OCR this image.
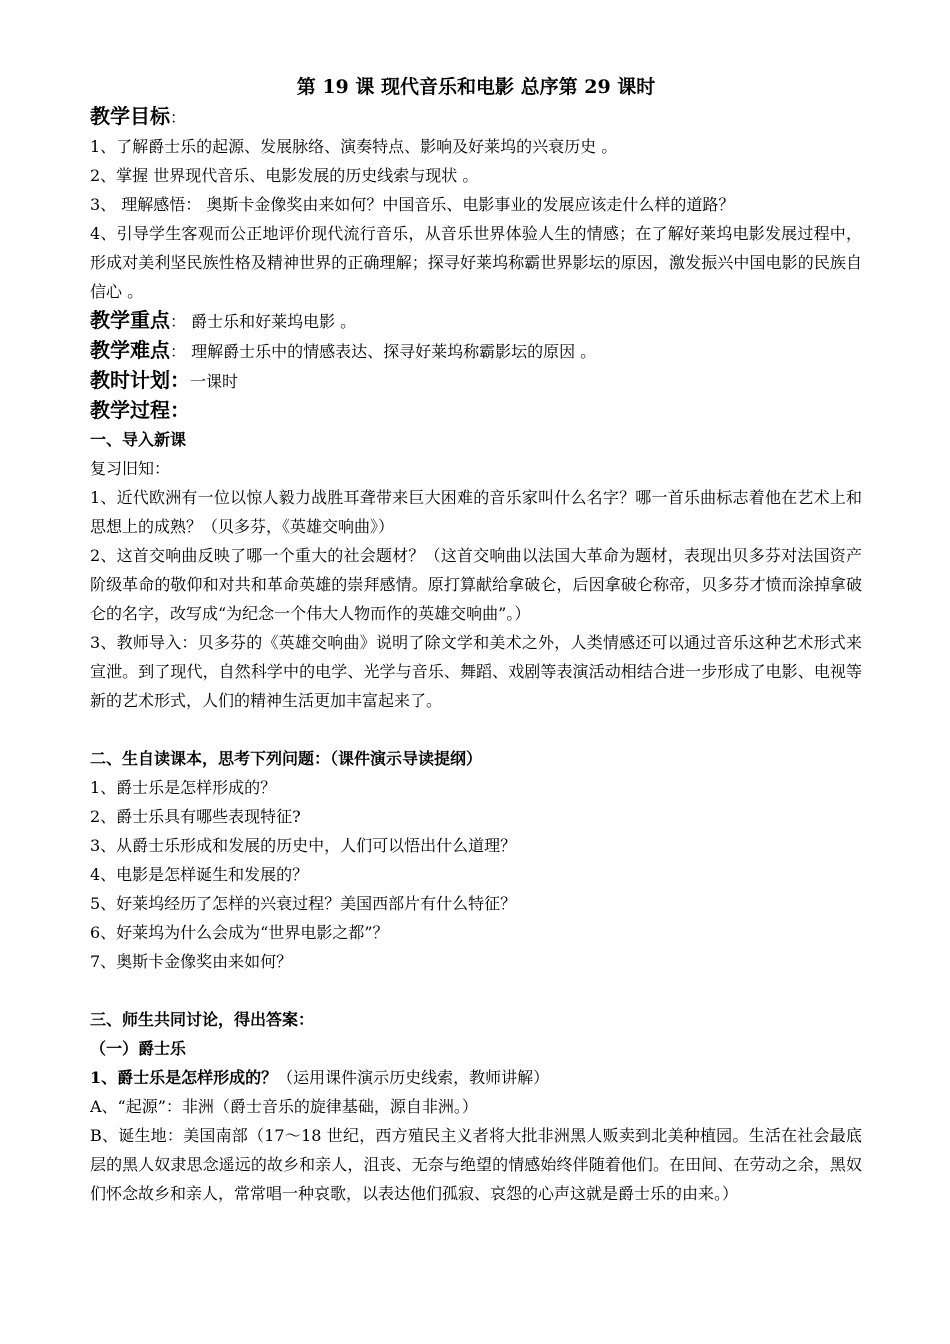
第 19 课 现代音乐和电影 总序第 29 课时
教学目标：
1、了解爵士乐的起源、发展脉络、演奏特点、影响及好莱坞的兴衰历史 。
2、掌握 世界现代音乐、电影发展的历史线索与现状 。
3、 理解感悟： 奥斯卡金像奖由来如何？中国音乐、电影事业的发展应该走什么样的道路？
4、引导学生客观而公正地评价现代流行音乐，从音乐世界体验人生的情感；在了解好莱坞电影发展过程中，形成对美利坚民族性格及精神世界的正确理解；探寻好莱坞称霸世界影坛的原因，激发振兴中国电影的民族自信心 。
教学重点： 爵士乐和好莱坞电影 。
教学难点： 理解爵士乐中的情感表达、探寻好莱坞称霸影坛的原因 。
教时计划：一课时
教学过程：
一、导入新课
复习旧知：
1、近代欧洲有一位以惊人毅力战胜耳聋带来巨大困难的音乐家叫什么名字？哪一首乐曲标志着他在艺术上和思想上的成熟？（贝多芬，《英雄交响曲》）
2、这首交响曲反映了哪一个重大的社会题材？（这首交响曲以法国大革命为题材，表现出贝多芬对法国资产阶级革命的敬仰和对共和革命英雄的崇拜感情。原打算献给拿破仑，后因拿破仑称帝，贝多芬才愤而涂掉拿破仑的名字，改写成“为纪念一个伟大人物而作的英雄交响曲”。）
3、教师导入：贝多芬的《英雄交响曲》说明了除文学和美术之外，人类情感还可以通过音乐这种艺术形式来宣泄。到了现代，自然科学中的电学、光学与音乐、舞蹈、戏剧等表演活动相结合进一步形成了电影、电视等新的艺术形式，人们的精神生活更加丰富起来了。
二、生自读课本，思考下列问题：（课件演示导读提纲）
1、爵士乐是怎样形成的？
2、爵士乐具有哪些表现特征?
3、从爵士乐形成和发展的历史中，人们可以悟出什么道理？
4、电影是怎样诞生和发展的？
5、好莱坞经历了怎样的兴衰过程？美国西部片有什么特征？
6、好莱坞为什么会成为“世界电影之都”？
7、奥斯卡金像奖由来如何？
三、师生共同讨论，得出答案：
（一）爵士乐
1、爵士乐是怎样形成的？（运用课件演示历史线索，教师讲解）
A、“起源”：非洲（爵士音乐的旋律基础，源自非洲。）
B、诞生地：美国南部（17～18 世纪，西方殖民主义者将大批非洲黑人贩卖到北美种植园。生活在社会最底层的黑人奴隶思念遥远的故乡和亲人，沮丧、无奈与绝望的情感始终伴随着他们。在田间、在劳动之余，黑奴们怀念故乡和亲人，常常唱一种哀歌，以表达他们孤寂、哀怨的心声这就是爵士乐的由来。）
